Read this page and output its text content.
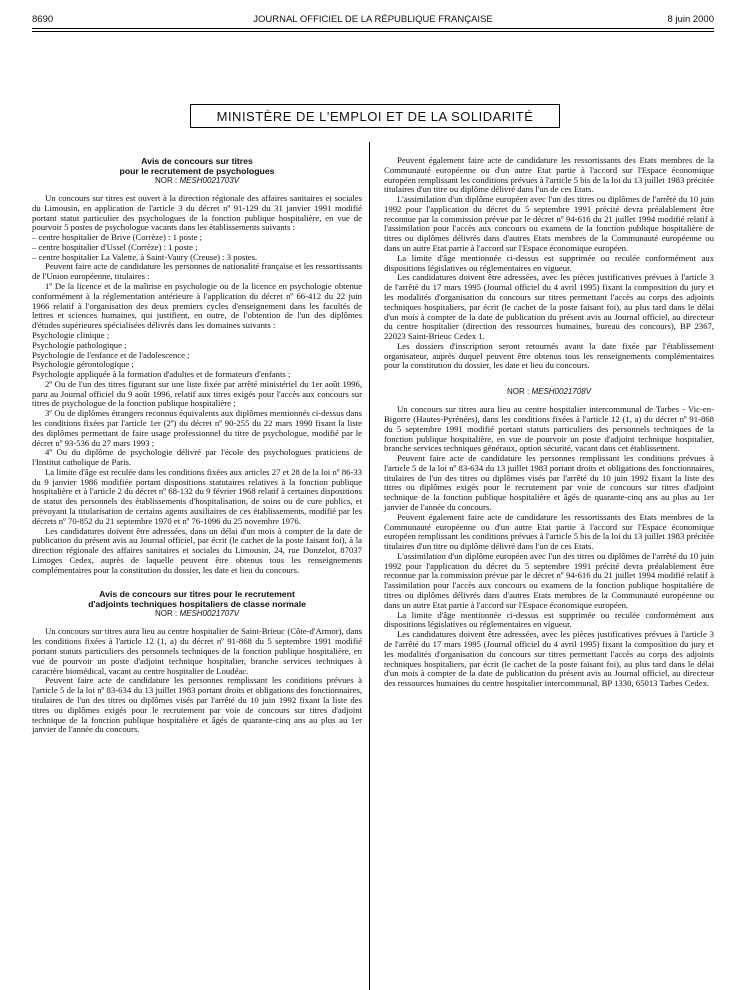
8690	JOURNAL OFFICIEL DE LA RÉPUBLIQUE FRANÇAISE	8 juin 2000
MINISTÈRE DE L'EMPLOI ET DE LA SOLIDARITÉ
Avis de concours sur titres
pour le recrutement de psychologues
NOR : MESH0021703V

Un concours sur titres est ouvert à la direction régionale des affaires sanitaires et sociales du Limousin, en application de l'article 3 du décret nº 91-129 du 31 janvier 1991 modifié portant statut particulier des psychologues de la fonction publique hospitalière, en vue de pourvoir 5 postes de psychologue vacants dans les établissements suivants :

– centre hospitalier de Brive (Corrèze) : 1 poste ;

– centre hospitalier d'Ussel (Corrèze) : 1 poste ;

– centre hospitalier La Valette, à Saint-Vaury (Creuse) : 3 postes.

Peuvent faire acte de candidature les personnes de nationalité française et les ressortissants de l'Union européenne, titulaires :

1º De la licence et de la maîtrise en psychologie ou de la licence en psychologie obtenue conformément à la réglementation antérieure à l'application du décret nº 66-412 du 22 juin 1966 relatif à l'organisation des deux premiers cycles d'enseignement dans les facultés de lettres et sciences humaines, qui justifient, en outre, de l'obtention de l'un des diplômes d'études supérieures spécialisées délivrés dans les domaines suivants :

Psychologie clinique ;

Psychologie pathologique ;

Psychologie de l'enfance et de l'adolescence ;

Psychologie gérontologique ;

Psychologie appliquée à la formation d'adultes et de formateurs d'enfants ;

2º Ou de l'un des titres figurant sur une liste fixée par arrêté ministériel du 1er août 1996, paru au Journal officiel du 9 août 1996, relatif aux titres exigés pour l'accès aux concours sur titres de psychologue de la fonction publique hospitalière ;

3º Ou de diplômes étrangers reconnus équivalents aux diplômes mentionnés ci-dessus dans les conditions fixées par l'article 1er (2º) du décret nº 90-255 du 22 mars 1990 fixant la liste des diplômes permettant de faire usage professionnel du titre de psychologue, modifié par le décret nº 93-536 du 27 mars 1993 ;

4º Ou du diplôme de psychologie délivré par l'école des psychologues praticiens de l'Institut catholique de Paris.

La limite d'âge est reculée dans les conditions fixées aux articles 27 et 28 de la loi nº 86-33 du 9 janvier 1986 modifiée portant dispositions statutaires relatives à la fonction publique hospitalière et à l'article 2 du décret nº 68-132 du 9 février 1968 relatif à certaines dispositions de statut des personnels des établissements d'hospitalisation, de soins ou de cure publics, et prévoyant la titularisation de certains agents auxiliaires de ces établissements, modifié par les décrets nº 70-852 du 21 septembre 1970 et nº 76-1096 du 25 novembre 1976.

Les candidatures doivent être adressées, dans un délai d'un mois à compter de la date de publication du présent avis au Journal officiel, par écrit (le cachet de la poste faisant foi), à la direction régionale des affaires sanitaires et sociales du Limousin, 24, rue Donzelot, 87037 Limoges Cedex, auprès de laquelle peuvent être obtenus tous les renseignements complémentaires pour la constitution du dossier, les date et lieu du concours.

Avis de concours sur titres pour le recrutement
d'adjoints techniques hospitaliers de classe normale
NOR : MESH0021707V

Un concours sur titres aura lieu au centre hospitalier de Saint-Brieuc (Côte-d'Armor), dans les conditions fixées à l'article 12 (1, a) du décret nº 91-868 du 5 septembre 1991 modifié portant statuts particuliers des personnels techniques de la fonction publique hospitalière, en vue de pourvoir un poste d'adjoint technique hospitalier, branche services techniques à caractère biomédical, vacant au centre hospitalier de Loudéac.

Peuvent faire acte de candidature les personnes remplissant les conditions prévues à l'article 5 de la loi nº 83-634 du 13 juillet 1983 portant droits et obligations des fonctionnaires, titulaires de l'un des titres ou diplômes visés par l'arrêté du 10 juin 1992 fixant la liste des titres ou diplômes exigés pour le recrutement par voie de concours sur titres d'adjoint technique de la fonction publique hospitalière et âgés de quarante-cinq ans au plus au 1er janvier de l'année du concours.

Peuvent également faire acte de candidature les ressortissants des Etats membres de la Communauté européenne ou d'un autre Etat partie à l'accord sur l'Espace économique européen remplissant les conditions prévues à l'article 5 bis de la loi du 13 juillet 1983 précitée titulaires d'un titre ou diplôme délivré dans l'un de ces Etats.

L'assimilation d'un diplôme européen avec l'un des titres ou diplômes de l'arrêté du 10 juin 1992 pour l'application du décret du 5 septembre 1991 précité devra préalablement être reconnue par la commission prévue par le décret nº 94-616 du 21 juillet 1994 modifié relatif à l'assimilation pour l'accès aux concours ou examens de la fonction publique hospitalière de titres ou diplômes délivrés dans d'autres Etats membres de la Communauté européenne ou dans un autre Etat partie à l'accord sur l'Espace économique européen.

La limite d'âge mentionnée ci-dessus est supprimée ou reculée conformément aux dispositions législatives ou réglementaires en vigueur.

Les candidatures doivent être adressées, avec les pièces justificatives prévues à l'article 3 de l'arrêté du 17 mars 1995 (Journal officiel du 4 avril 1995) fixant la composition du jury et les modalités d'organisation du concours sur titres permettant l'accès au corps des adjoints techniques hospitaliers, par écrit (le cachet de la poste faisant foi), au plus tard dans le délai d'un mois à compter de la date de publication du présent avis au Journal officiel, au directeur du centre hospitalier (direction des ressources humaines, bureau des concours), BP 2367, 22023 Saint-Brieuc Cedex 1.

Les dossiers d'inscription seront retournés avant la date fixée par l'établissement organisateur, auprès duquel peuvent être obtenus tous les renseignements complémentaires pour la constitution du dossier, les date et lieu du concours.

NOR : MESH0021708V

Un concours sur titres aura lieu au centre hospitalier intercommunal de Tarbes - Vic-en-Bigorre (Hautes-Pyrénées), dans les conditions fixées à l'article 12 (1, a) du décret nº 91-868 du 5 septembre 1991 modifié portant statuts particuliers des personnels techniques de la fonction publique hospitalière, en vue de pourvoir un poste d'adjoint technique hospitalier, branche services techniques généraux, option sécurité, vacant dans cet établissement.

Peuvent faire acte de candidature les personnes remplissant les conditions prévues à l'article 5 de la loi nº 83-634 du 13 juillet 1983 portant droits et obligations des fonctionnaires, titulaires de l'un des titres ou diplômes visés par l'arrêté du 10 juin 1992 fixant la liste des titres ou diplômes exigés pour le recrutement par voie de concours sur titres d'adjoint technique de la fonction publique hospitalière et âgés de quarante-cinq ans au plus au 1er janvier de l'année du concours.

Peuvent également faire acte de candidature les ressortissants des Etats membres de la Communauté européenne ou d'un autre Etat partie à l'accord sur l'Espace économique européen remplissant les conditions prévues à l'article 5 bis de la loi du 13 juillet 1983 précitée titulaires d'un titre ou diplôme délivré dans l'un de ces Etats.

L'assimilation d'un diplôme européen avec l'un des titres ou diplômes de l'arrêté du 10 juin 1992 pour l'application du décret du 5 septembre 1991 précité devra préalablement être reconnue par la commission prévue par le décret nº 94-616 du 21 juillet 1994 modifié relatif à l'assimilation pour l'accès aux concours ou examens de la fonction publique hospitalière de titres ou diplômes délivrés dans d'autres Etats membres de la Communauté européenne ou dans un autre Etat partie à l'accord sur l'Espace économique européen.

La limite d'âge mentionnée ci-dessus est supprimée ou reculée conformément aux dispositions législatives ou réglementaires en vigueur.

Les candidatures doivent être adressées, avec les pièces justificatives prévues à l'article 3 de l'arrêté du 17 mars 1995 (Journal officiel du 4 avril 1995) fixant la composition du jury et les modalités d'organisation du concours sur titres permettant l'accès au corps des adjoints techniques hospitaliers, par écrit (le cachet de la poste faisant foi), au plus tard dans le délai d'un mois à compter de la date de publication du présent avis au Journal officiel, au directeur des ressources humaines du centre hospitalier intercommunal, BP 1330, 65013 Tarbes Cedex.
